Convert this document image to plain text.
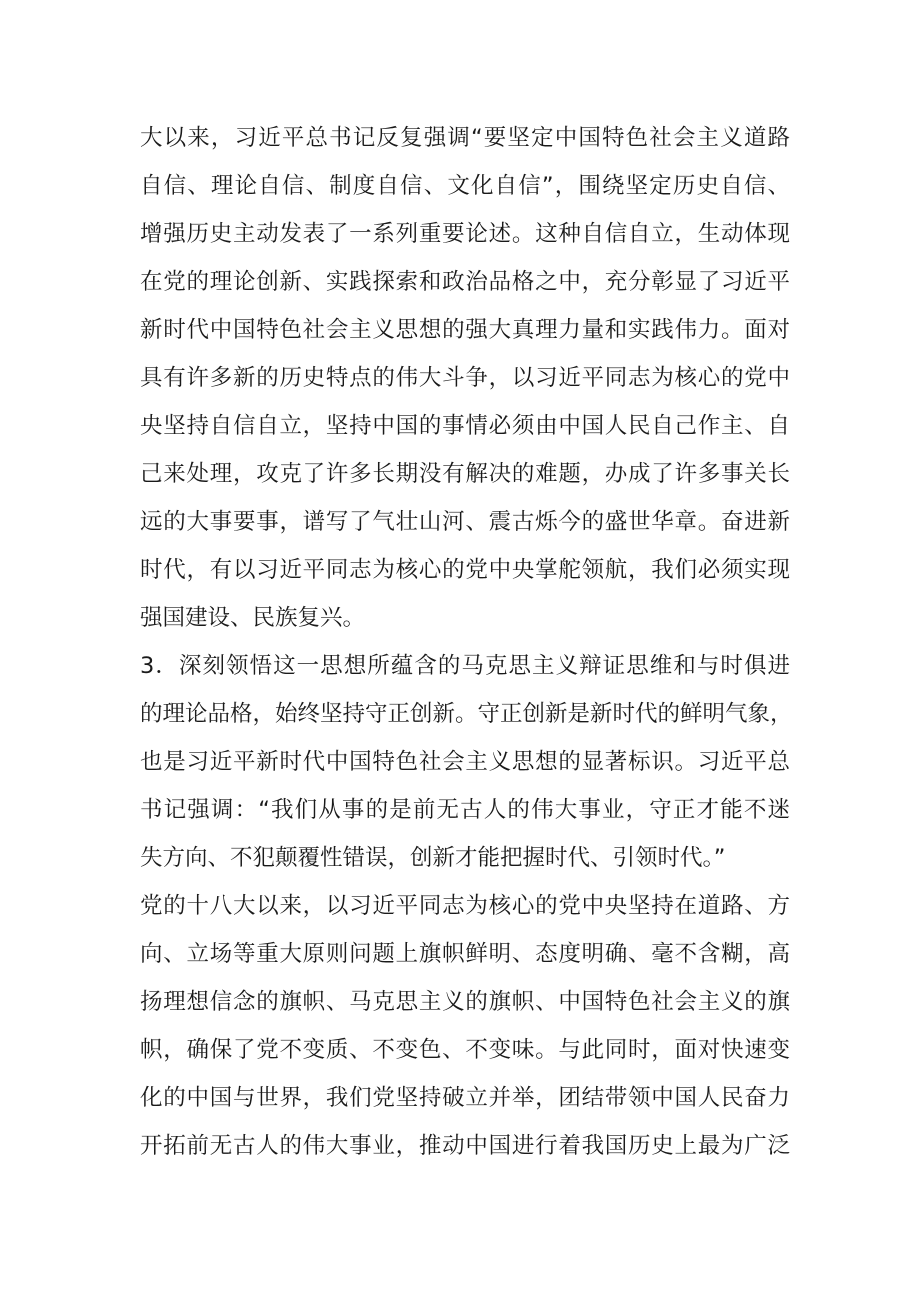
大以来，习近平总书记反复强调“要坚定中国特色社会主义道路
自信、理论自信、制度自信、文化自信”，围绕坚定历史自信、
增强历史主动发表了一系列重要论述。这种自信自立，生动体现
在党的理论创新、实践探索和政治品格之中，充分彰显了习近平
新时代中国特色社会主义思想的强大真理力量和实践伟力。面对
具有许多新的历史特点的伟大斗争，以习近平同志为核心的党中
央坚持自信自立，坚持中国的事情必须由中国人民自己作主、自
己来处理，攻克了许多长期没有解决的难题，办成了许多事关长
远的大事要事，谱写了气壮山河、震古烁今的盛世华章。奋进新
时代，有以习近平同志为核心的党中央掌舵领航，我们必须实现
强国建设、民族复兴。
3．深刻领悟这一思想所蕴含的马克思主义辩证思维和与时俱进
的理论品格，始终坚持守正创新。守正创新是新时代的鲜明气象，
也是习近平新时代中国特色社会主义思想的显著标识。习近平总
书记强调：“我们从事的是前无古人的伟大事业，守正才能不迷
失方向、不犯颠覆性错误，创新才能把握时代、引领时代。”
党的十八大以来，以习近平同志为核心的党中央坚持在道路、方
向、立场等重大原则问题上旗帜鲜明、态度明确、毫不含糊，高
扬理想信念的旗帜、马克思主义的旗帜、中国特色社会主义的旗
帜，确保了党不变质、不变色、不变味。与此同时，面对快速变
化的中国与世界，我们党坚持破立并举，团结带领中国人民奋力
开拓前无古人的伟大事业，推动中国进行着我国历史上最为广泛
